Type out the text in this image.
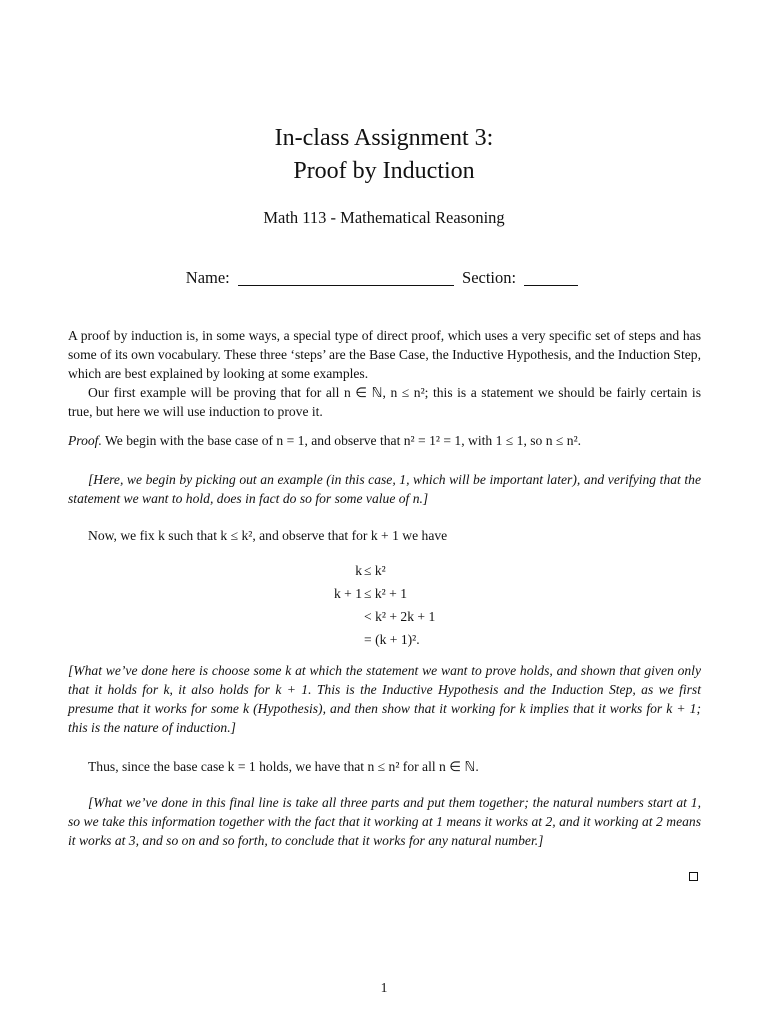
In-class Assignment 3:
Proof by Induction
Math 113 - Mathematical Reasoning
Name:	Section:
A proof by induction is, in some ways, a special type of direct proof, which uses a very specific set of steps and has some of its own vocabulary. These three ‘steps’ are the Base Case, the Inductive Hypothesis, and the Induction Step, which are best explained by looking at some examples.
Our first example will be proving that for all n ∈ ℕ, n ≤ n²; this is a statement we should be fairly certain is true, but here we will use induction to prove it.
Proof. We begin with the base case of n = 1, and observe that n² = 1² = 1, with 1 ≤ 1, so n ≤ n².
[Here, we begin by picking out an example (in this case, 1, which will be important later), and verifying that the statement we want to hold, does in fact do so for some value of n.]
Now, we fix k such that k ≤ k², and observe that for k + 1 we have
k ≤ k²
k + 1 ≤ k² + 1
< k² + 2k + 1
= (k + 1)².
[What we’ve done here is choose some k at which the statement we want to prove holds, and shown that given only that it holds for k, it also holds for k + 1. This is the Inductive Hypothesis and the Induction Step, as we first presume that it works for some k (Hypothesis), and then show that it working for k implies that it works for k + 1; this is the nature of induction.]
Thus, since the base case k = 1 holds, we have that n ≤ n² for all n ∈ ℕ.
[What we’ve done in this final line is take all three parts and put them together; the natural numbers start at 1, so we take this information together with the fact that it working at 1 means it works at 2, and it working at 2 means it works at 3, and so on and so forth, to conclude that it works for any natural number.]
1
